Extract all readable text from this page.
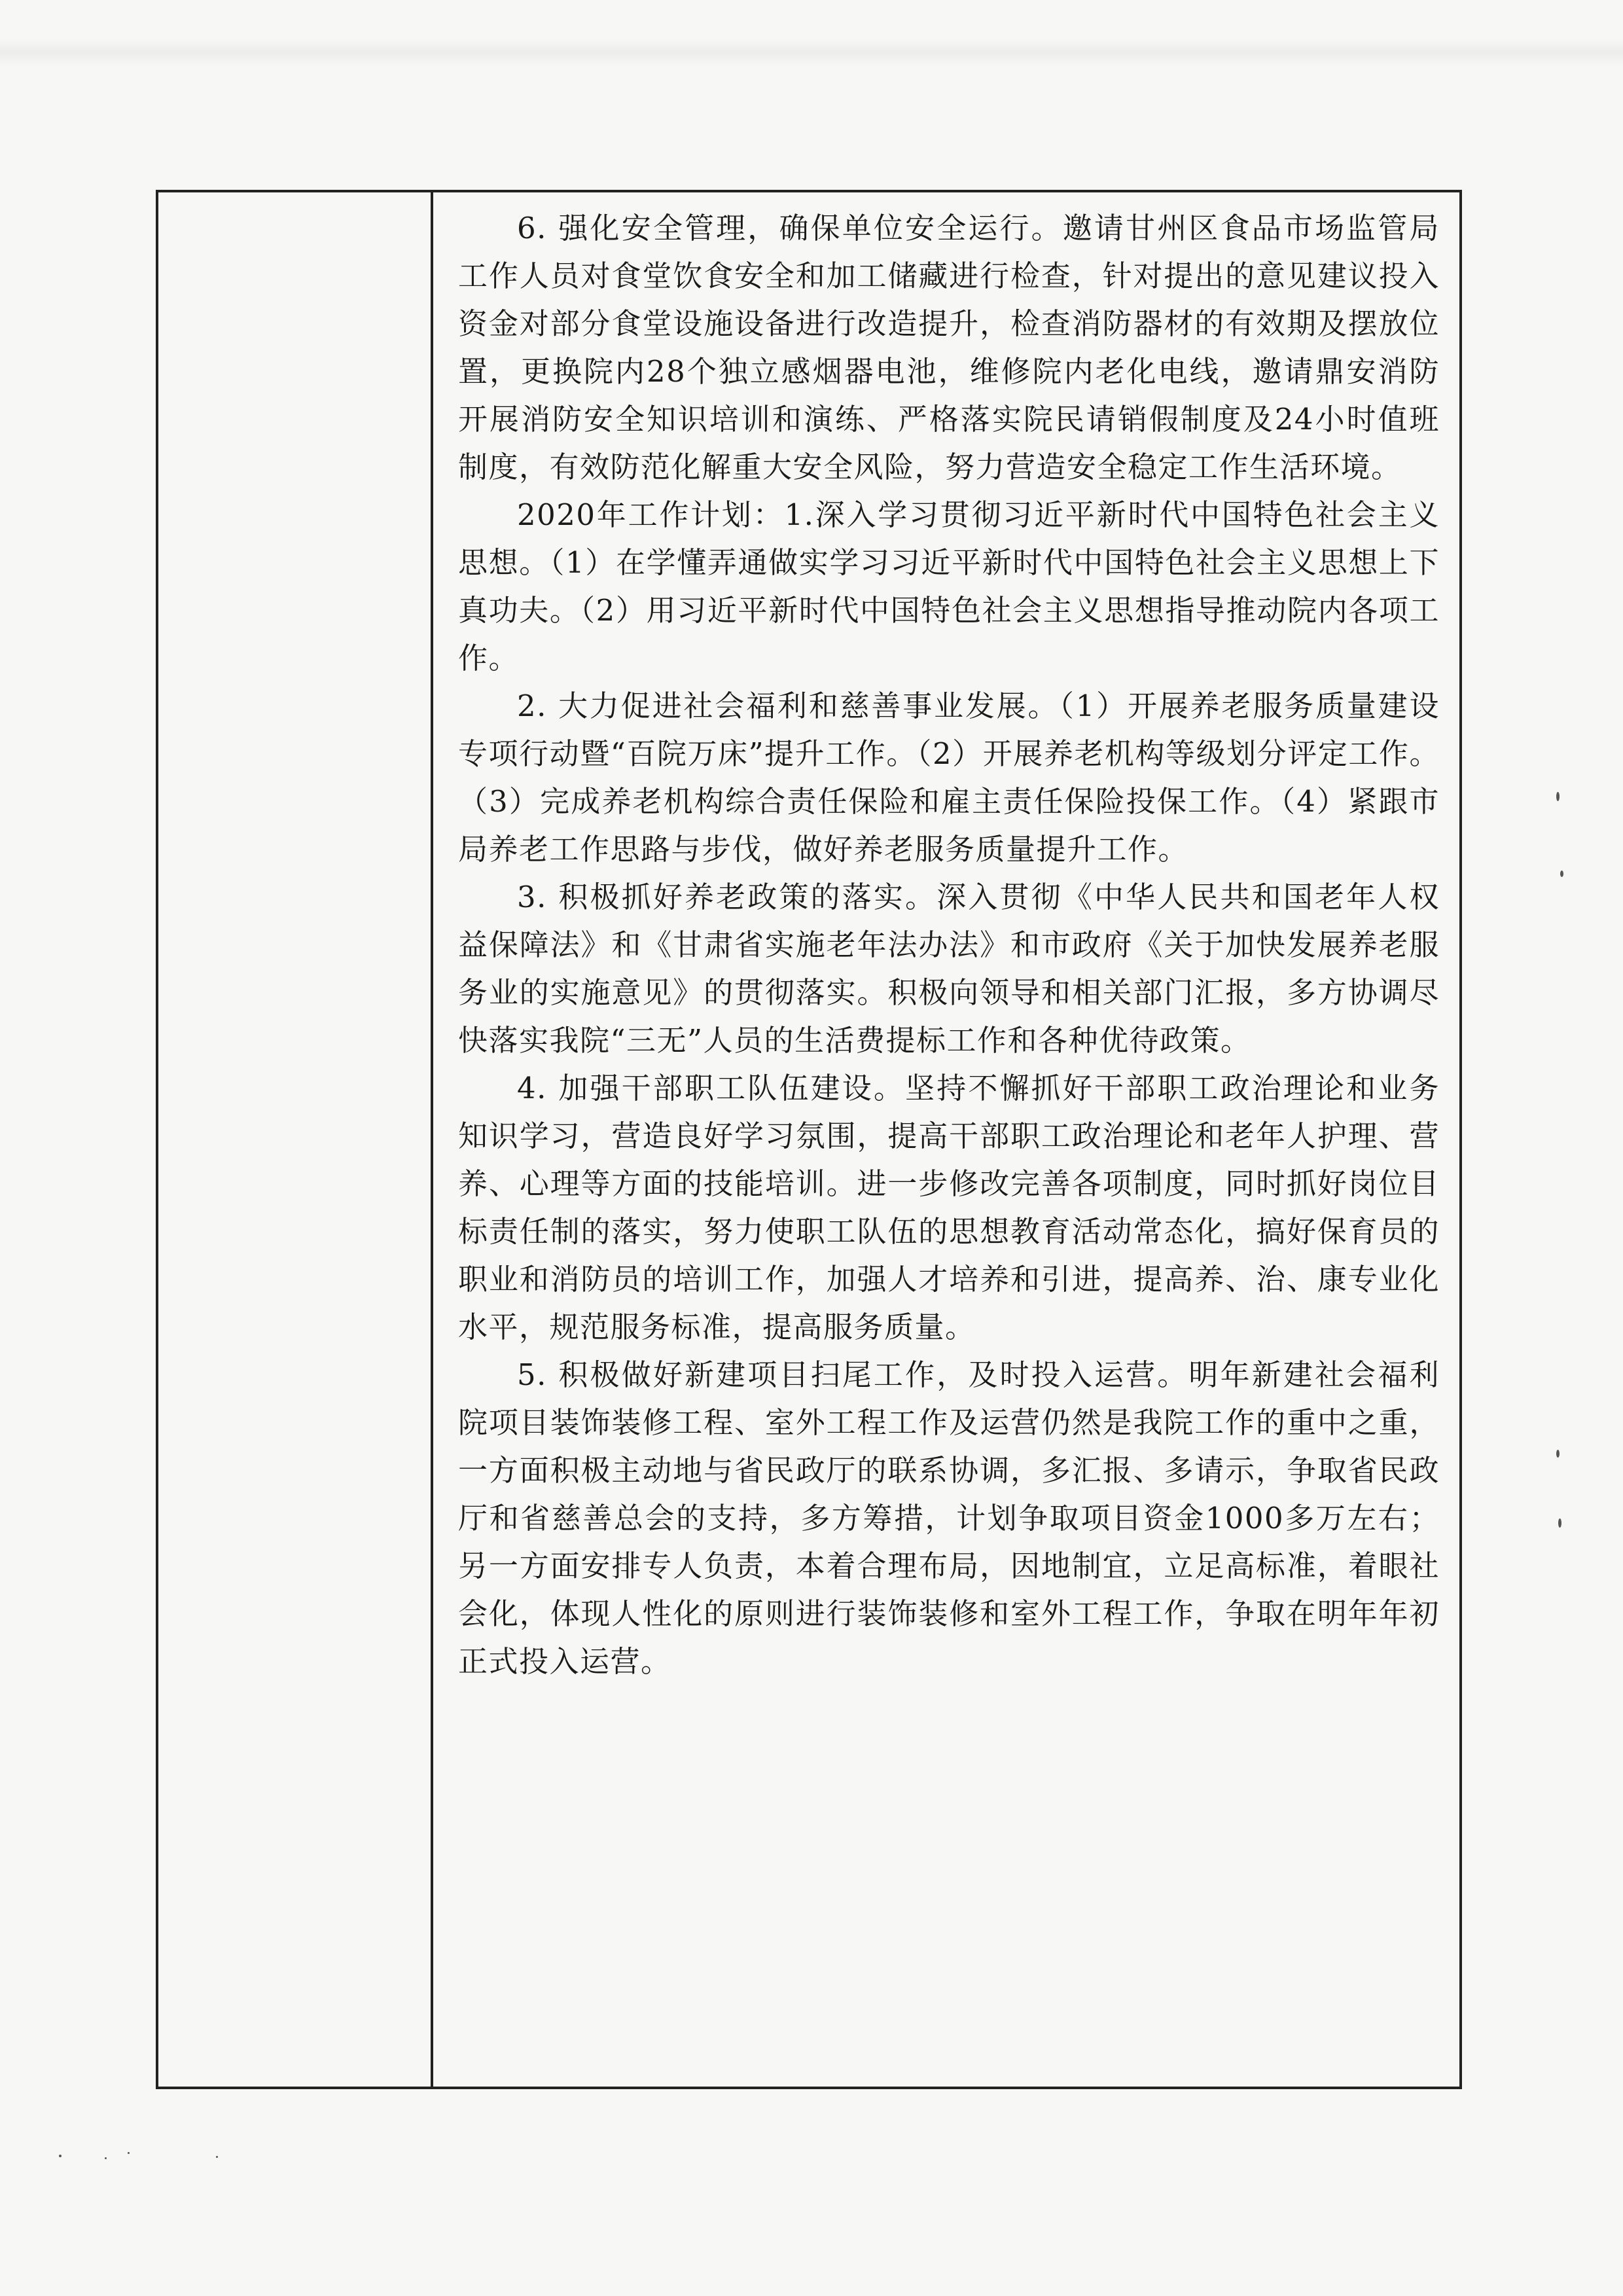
6. 强化安全管理，确保单位安全运行。邀请甘州区食品市场监管局工作人员对食堂饮食安全和加工储藏进行检查，针对提出的意见建议投入资金对部分食堂设施设备进行改造提升，检查消防器材的有效期及摆放位置，更换院内28个独立感烟器电池，维修院内老化电线，邀请鼎安消防开展消防安全知识培训和演练、严格落实院民请销假制度及24小时值班制度，有效防范化解重大安全风险，努力营造安全稳定工作生活环境。

2020年工作计划：1.深入学习贯彻习近平新时代中国特色社会主义思想。（1）在学懂弄通做实学习习近平新时代中国特色社会主义思想上下真功夫。（2）用习近平新时代中国特色社会主义思想指导推动院内各项工作。

2. 大力促进社会福利和慈善事业发展。（1）开展养老服务质量建设专项行动暨“百院万床”提升工作。（2）开展养老机构等级划分评定工作。（3）完成养老机构综合责任保险和雇主责任保险投保工作。（4）紧跟市局养老工作思路与步伐，做好养老服务质量提升工作。

3. 积极抓好养老政策的落实。深入贯彻《中华人民共和国老年人权益保障法》和《甘肃省实施老年法办法》和市政府《关于加快发展养老服务业的实施意见》的贯彻落实。积极向领导和相关部门汇报，多方协调尽快落实我院“三无”人员的生活费提标工作和各种优待政策。

4. 加强干部职工队伍建设。坚持不懈抓好干部职工政治理论和业务知识学习，营造良好学习氛围，提高干部职工政治理论和老年人护理、营养、心理等方面的技能培训。进一步修改完善各项制度，同时抓好岗位目标责任制的落实，努力使职工队伍的思想教育活动常态化，搞好保育员的职业和消防员的培训工作，加强人才培养和引进，提高养、治、康专业化水平，规范服务标准，提高服务质量。

5. 积极做好新建项目扫尾工作，及时投入运营。明年新建社会福利院项目装饰装修工程、室外工程工作及运营仍然是我院工作的重中之重，一方面积极主动地与省民政厅的联系协调，多汇报、多请示，争取省民政厅和省慈善总会的支持，多方筹措，计划争取项目资金1000多万左右；另一方面安排专人负责，本着合理布局，因地制宜，立足高标准，着眼社会化，体现人性化的原则进行装饰装修和室外工程工作，争取在明年年初正式投入运营。
